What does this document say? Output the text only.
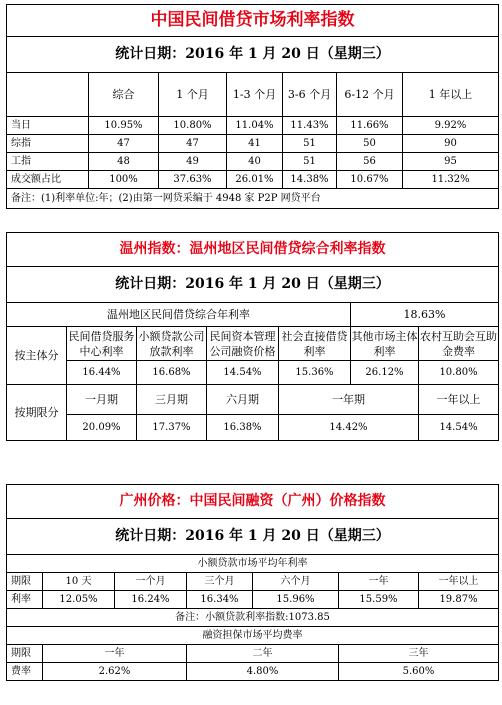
中国民间借贷市场利率指数						
统计日期：2016 年 1 月 20 日（星期三）						
	综合	1 个月	1-3 个月	3-6 个月	6-12 个月	1 年以上
当日	10.95%	10.80%	11.04%	11.43%	11.66%	9.92%
综指	47	47	41	51	50	90
工指	48	49	40	51	56	95
成交额占比	100%	37.63%	26.01%	14.38%	10.67%	11.32%
备注：(1)利率单位:年；(2)由第一网贷采编于 4948 家 P2P 网贷平台						
温州指数：温州地区民间借贷综合利率指数						
统计日期：2016 年 1 月 20 日（星期三）						
温州地区民间借贷综合年利率					18.63%	
按主体分	民间借贷服务中心利率	小额贷款公司放款利率	民间资本管理公司融资价格	社会直接借贷利率	其他市场主体利率	农村互助会互助金费率
	16.44%	16.68%	14.54%	15.36%	26.12%	10.80%
按期限分	一月期	三月期	六月期	一年期		一年以上
	20.09%	17.37%	16.38%	14.42%		14.54%
广州价格：中国民间融资（广州）价格指数						
统计日期：2016 年 1 月 20 日（星期三）						
小额贷款市场平均年利率						
期限	10 天	一个月	三个月	六个月	一年	一年以上
利率	12.05%	16.24%	16.34%	15.96%	15.59%	19.87%
备注：小额贷款利率指数:1073.85						
融资担保市场平均费率						
期限	一年		二年		三年	
费率	2.62%		4.80%		5.60%	
